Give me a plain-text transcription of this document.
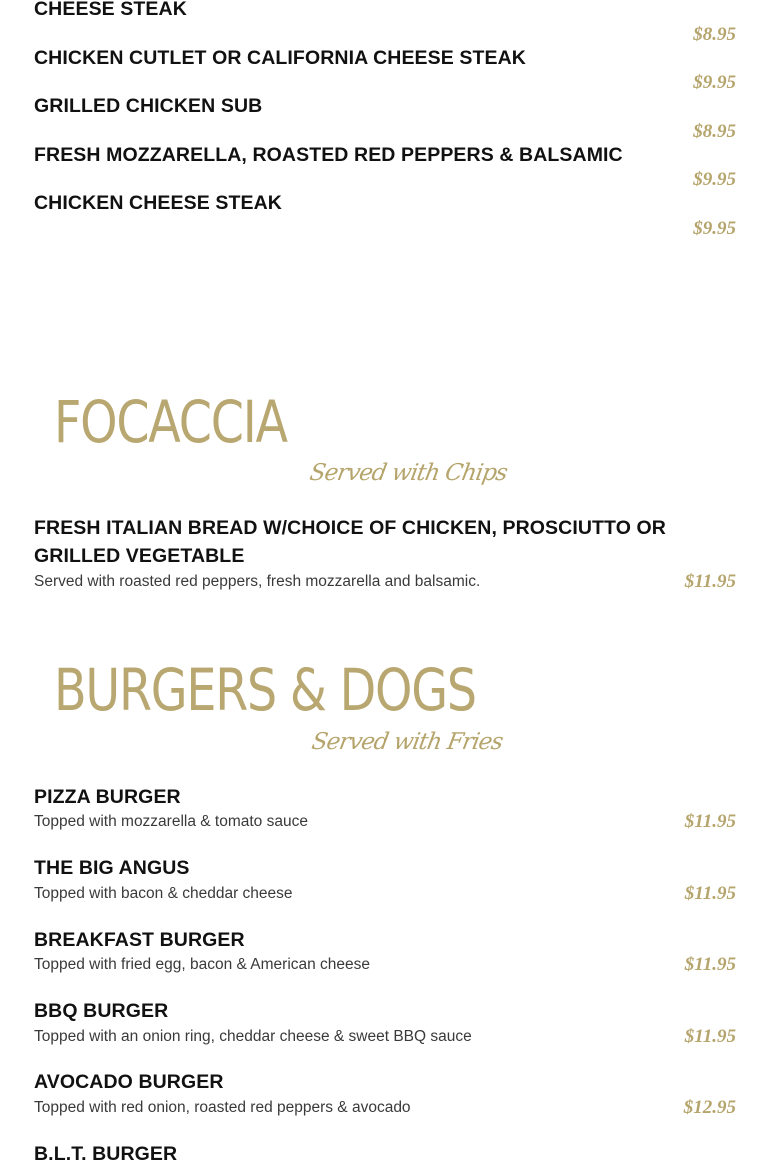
CHEESE STEAK
$8.95
CHICKEN CUTLET OR CALIFORNIA CHEESE STEAK
$9.95
GRILLED CHICKEN SUB
$8.95
FRESH MOZZARELLA, ROASTED RED PEPPERS & BALSAMIC
$9.95
CHICKEN CHEESE STEAK
$9.95
FOCACCIA
Served with Chips
FRESH ITALIAN BREAD W/CHOICE OF CHICKEN, PROSCIUTTO OR GRILLED VEGETABLE
Served with roasted red peppers, fresh mozzarella and balsamic.	$11.95
BURGERS & DOGS
Served with Fries
PIZZA BURGER
Topped with mozzarella & tomato sauce	$11.95
THE BIG ANGUS
Topped with bacon & cheddar cheese	$11.95
BREAKFAST BURGER
Topped with fried egg, bacon & American cheese	$11.95
BBQ BURGER
Topped with an onion ring, cheddar cheese & sweet BBQ sauce	$11.95
AVOCADO BURGER
Topped with red onion, roasted red peppers & avocado	$12.95
B.L.T. BURGER
